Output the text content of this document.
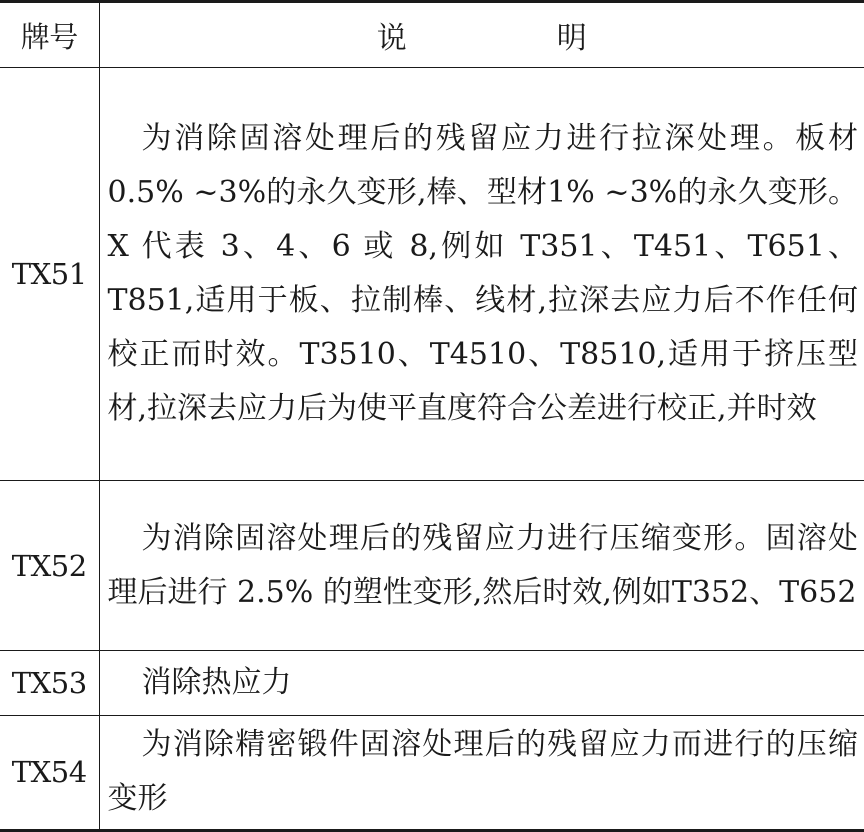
牌号	说明
TX51	为消除固溶处理后的残留应力进行拉深处理。板材0.5% ~3%的永久变形,棒、型材1% ~3%的永久变形。X 代表 3、4、6 或 8,例如 T351、T451、T651、T851,适用于板、拉制棒、线材,拉深去应力后不作任何校正而时效。T3510、T4510、T8510,适用于挤压型材,拉深去应力后为使平直度符合公差进行校正,并时效

TX52	为消除固溶处理后的残留应力进行压缩变形。固溶处理后进行 2.5% 的塑性变形,然后时效,例如T352、T652

TX53	消除热应力

TX54	为消除精密锻件固溶处理后的残留应力而进行的压缩变形
